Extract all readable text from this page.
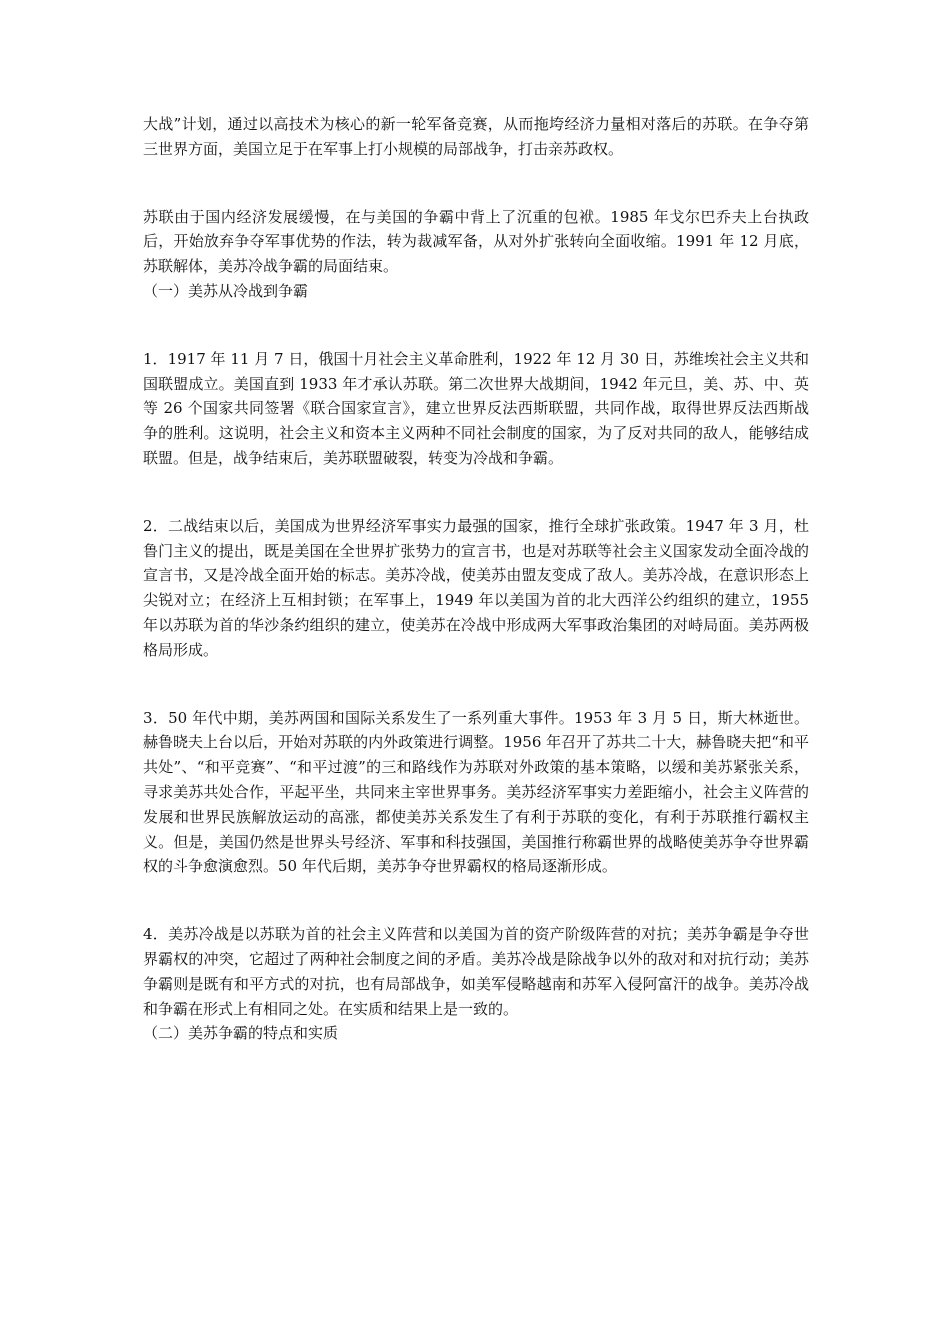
大战”计划，通过以高技术为核心的新一轮军备竞赛，从而拖垮经济力量相对落后的苏联。在争夺第三世界方面，美国立足于在军事上打小规模的局部战争，打击亲苏政权。

苏联由于国内经济发展缓慢，在与美国的争霸中背上了沉重的包袱。1985 年戈尔巴乔夫上台执政后，开始放弃争夺军事优势的作法，转为裁减军备，从对外扩张转向全面收缩。1991 年 12 月底，苏联解体，美苏冷战争霸的局面结束。

（一）美苏从冷战到争霸

1．1917 年 11 月 7 日，俄国十月社会主义革命胜利，1922 年 12 月 30 日，苏维埃社会主义共和国联盟成立。美国直到 1933 年才承认苏联。第二次世界大战期间，1942 年元旦，美、苏、中、英等 26 个国家共同签署《联合国家宣言》，建立世界反法西斯联盟，共同作战，取得世界反法西斯战争的胜利。这说明，社会主义和资本主义两种不同社会制度的国家，为了反对共同的敌人，能够结成联盟。但是，战争结束后，美苏联盟破裂，转变为冷战和争霸。

2．二战结束以后，美国成为世界经济军事实力最强的国家，推行全球扩张政策。1947 年 3 月，杜鲁门主义的提出，既是美国在全世界扩张势力的宣言书，也是对苏联等社会主义国家发动全面冷战的宣言书，又是冷战全面开始的标志。美苏冷战，使美苏由盟友变成了敌人。美苏冷战，在意识形态上尖锐对立；在经济上互相封锁；在军事上，1949 年以美国为首的北大西洋公约组织的建立，1955 年以苏联为首的华沙条约组织的建立，使美苏在冷战中形成两大军事政治集团的对峙局面。美苏两极格局形成。

3．50 年代中期，美苏两国和国际关系发生了一系列重大事件。1953 年 3 月 5 日，斯大林逝世。赫鲁晓夫上台以后，开始对苏联的内外政策进行调整。1956 年召开了苏共二十大，赫鲁晓夫把“和平共处”、“和平竞赛”、“和平过渡”的三和路线作为苏联对外政策的基本策略，以缓和美苏紧张关系，寻求美苏共处合作，平起平坐，共同来主宰世界事务。美苏经济军事实力差距缩小，社会主义阵营的发展和世界民族解放运动的高涨，都使美苏关系发生了有利于苏联的变化，有利于苏联推行霸权主义。但是，美国仍然是世界头号经济、军事和科技强国，美国推行称霸世界的战略使美苏争夺世界霸权的斗争愈演愈烈。50 年代后期，美苏争夺世界霸权的格局逐渐形成。

4．美苏冷战是以苏联为首的社会主义阵营和以美国为首的资产阶级阵营的对抗；美苏争霸是争夺世界霸权的冲突，它超过了两种社会制度之间的矛盾。美苏冷战是除战争以外的敌对和对抗行动；美苏争霸则是既有和平方式的对抗，也有局部战争，如美军侵略越南和苏军入侵阿富汗的战争。美苏冷战和争霸在形式上有相同之处。在实质和结果上是一致的。

（二）美苏争霸的特点和实质
